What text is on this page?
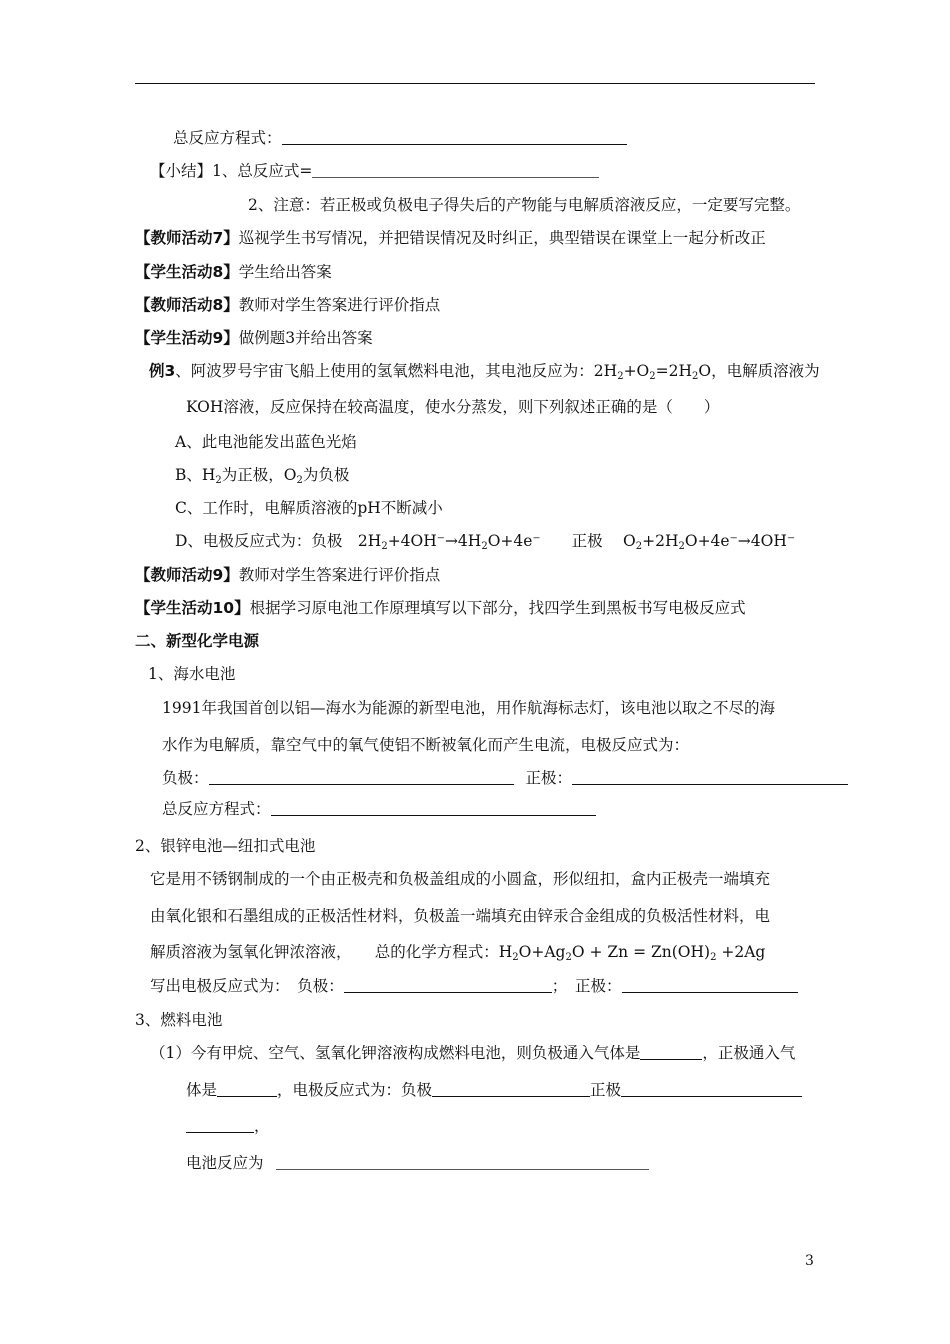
总反应方程式：
【小结】1、总反应式=
2、注意：若正极或负极电子得失后的产物能与电解质溶液反应，一定要写完整。
【教师活动7】巡视学生书写情况，并把错误情况及时纠正，典型错误在课堂上一起分析改正
【学生活动8】学生给出答案
【教师活动8】教师对学生答案进行评价指点
【学生活动9】做例题3并给出答案
例3、阿波罗号宇宙飞船上使用的氢氧燃料电池，其电池反应为：$2H_2+O_2=2H_2O$，电解质溶液为
KOH溶液，反应保持在较高温度，使水分蒸发，则下列叙述正确的是（　　）
A、此电池能发出蓝色光焰
B、$H_2$为正极，$O_2$为负极
C、工作时，电解质溶液的pH不断减小
D、电极反应式为：负极　$2H_2+4OH^-\to 4H_2O+4e^-$　　正极　 $O_2+2H_2O+4e^-\to 4OH^-$
【教师活动9】教师对学生答案进行评价指点
【学生活动10】根据学习原电池工作原理填写以下部分，找四学生到黑板书写电极反应式
二、新型化学电源
1、海水电池
1991年我国首创以铝—海水为能源的新型电池，用作航海标志灯，该电池以取之不尽的海
水作为电解质，靠空气中的氧气使铝不断被氧化而产生电流，电极反应式为：
负极：	正极：
总反应方程式：
2、银锌电池—纽扣式电池
它是用不锈钢制成的一个由正极壳和负极盖组成的小圆盒，形似纽扣，盒内正极壳一端填充
由氧化银和石墨组成的正极活性材料，负极盖一端填充由锌汞合金组成的负极活性材料，电
解质溶液为氢氧化钾浓溶液，　　总的化学方程式：$H_2O+Ag_2O + Zn = Zn(OH)_2 +2Ag$
写出电极反应式为：　负极：	；　正极：
3、燃料电池
（1）今有甲烷、空气、氢氧化钾溶液构成燃料电池，则负极通入气体是	，正极通入气
体是	，电极反应式为：负极	正极
，
电池反应为
3
